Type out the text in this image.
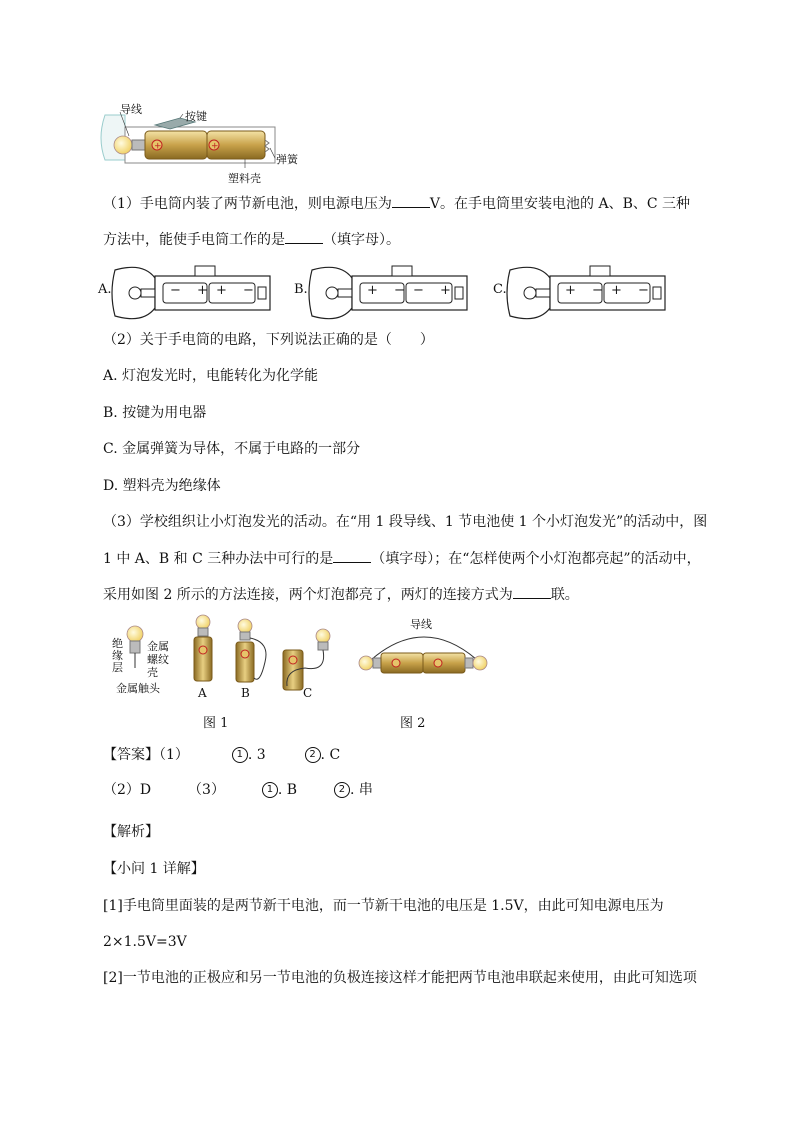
+	+
导线
按键
弹簧
塑料壳
（1）手电筒内装了两节新电池，则电源电压为	V。在手电筒里安装电池的 A、B、C 三种
方法中，能使手电筒工作的是	（填字母）。
A.	− + + −	B.	+ − − +	C.	+ − + −
（2）关于手电筒的电路，下列说法正确的是（　　）
A. 灯泡发光时，电能转化为化学能
B. 按键为用电器
C. 金属弹簧为导体，不属于电路的一部分
D. 塑料壳为绝缘体
（3）学校组织让小灯泡发光的活动。在“用 1 段导线、1 节电池使 1 个小灯泡发光”的活动中，图
1 中 A、B 和 C 三种办法中可行的是	（填字母）；在“怎样使两个小灯泡都亮起”的活动中，
采用如图 2 所示的方法连接，两个灯泡都亮了，两灯的连接方式为	联。
绝缘层
金属螺纹壳
金属触头	A	B	C
图 1
导线
图 2
【答案】（1）	1 . 3	2 . C
（2）D	（3）	1 . B	2 . 串
【解析】
【小问 1 详解】
[1]手电筒里面装的是两节新干电池，而一节新干电池的电压是 1.5V，由此可知电源电压为
2×1.5V=3V
[2]一节电池的正极应和另一节电池的负极连接这样才能把两节电池串联起来使用，由此可知选项
